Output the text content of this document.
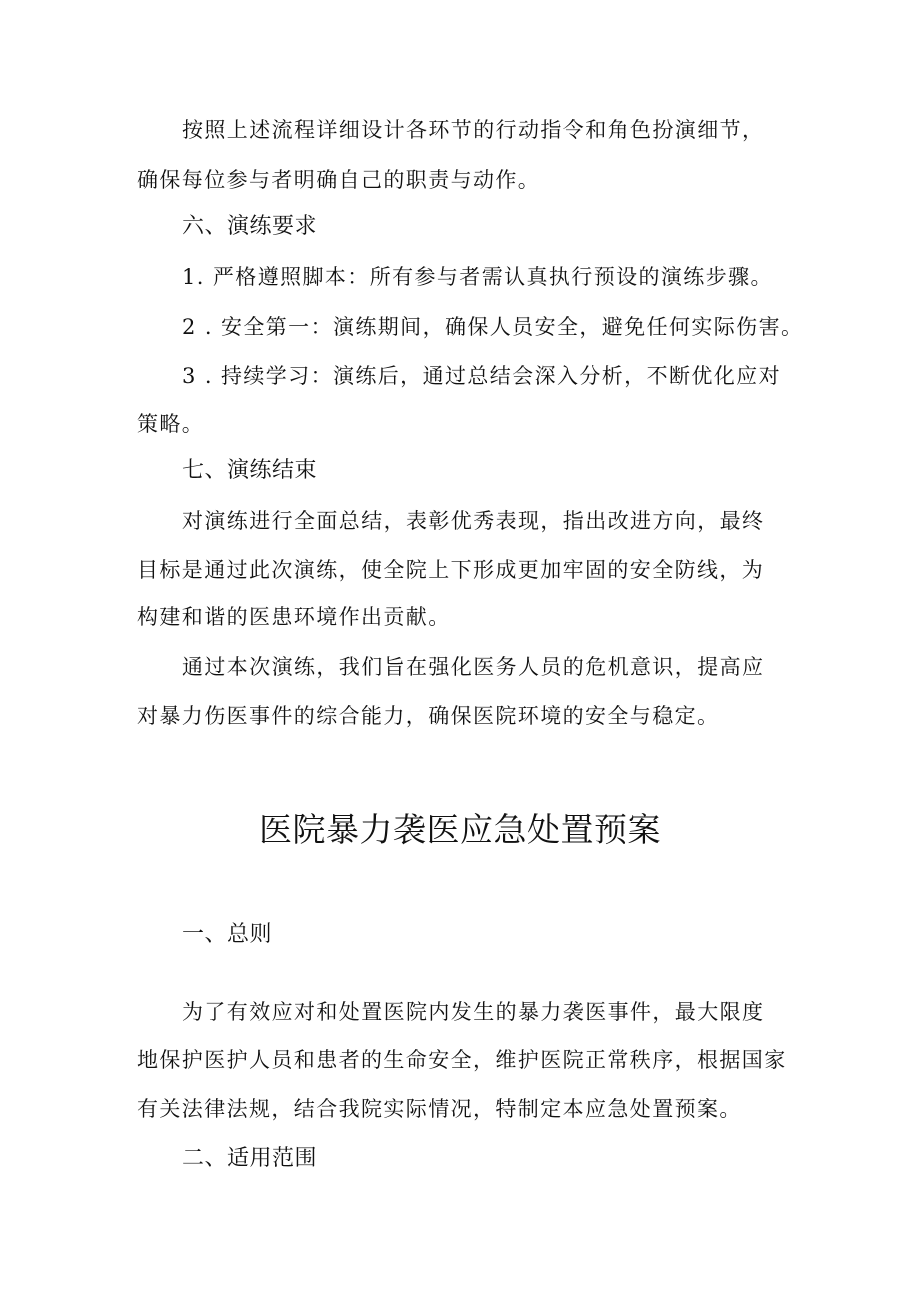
按照上述流程详细设计各环节的行动指令和角色扮演细节，
确保每位参与者明确自己的职责与动作。
六、演练要求
1. 严格遵照脚本：所有参与者需认真执行预设的演练步骤。
2 . 安全第一：演练期间，确保人员安全，避免任何实际伤害。
3 . 持续学习：演练后，通过总结会深入分析，不断优化应对
策略。
七、演练结束
对演练进行全面总结，表彰优秀表现，指出改进方向，最终
目标是通过此次演练，使全院上下形成更加牢固的安全防线，为
构建和谐的医患环境作出贡献。
通过本次演练，我们旨在强化医务人员的危机意识，提高应
对暴力伤医事件的综合能力，确保医院环境的安全与稳定。
医院暴力袭医应急处置预案
一、总则
为了有效应对和处置医院内发生的暴力袭医事件，最大限度
地保护医护人员和患者的生命安全，维护医院正常秩序，根据国家
有关法律法规，结合我院实际情况，特制定本应急处置预案。
二、适用范围
